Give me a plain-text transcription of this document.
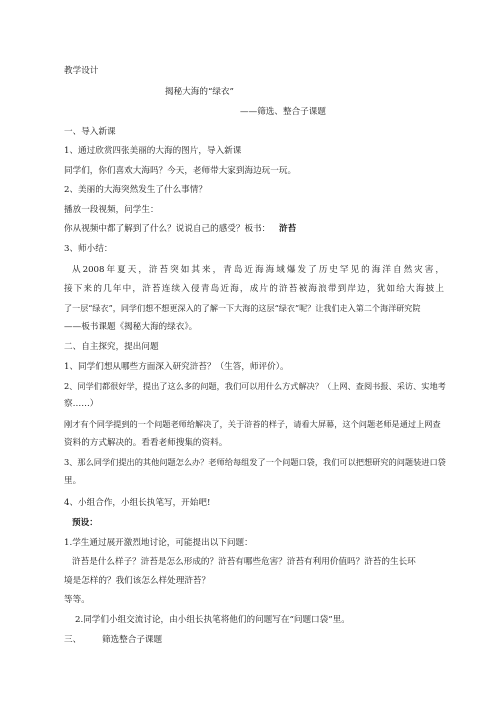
教学设计
揭秘大海的“绿衣”
——筛选、整合子课题
一、导入新课
1、通过欣赏四张美丽的大海的图片，导入新课
同学们，你们喜欢大海吗？今天，老师带大家到海边玩一玩。
2、美丽的大海突然发生了什么事情？
播放一段视频，问学生：
你从视频中都了解到了什么？说说自己的感受？板书： 浒苔
3、师小结：
从2008年夏天，浒苔突如其来，青岛近海海域爆发了历史罕见的海洋自然灾害，
接下来的几年中，浒苔连续入侵青岛近海，成片的浒苔被海浪带到岸边，犹如给大海披上
了一层“绿衣”，同学们想不想更深入的了解一下大海的这层“绿衣”呢？让我们走入第二个海洋研究院
——板书课题《揭秘大海的绿衣》。
二、自主探究，提出问题
1、同学们想从哪些方面深入研究浒苔？（生答，师评价）。
2、同学们都很好学，提出了这么多的问题，我们可以用什么方式解决？（上网、查阅书报、采访、实地考
察……）
刚才有个同学提到的一个问题老师给解决了，关于浒苔的样子，请看大屏幕，这个问题老师是通过上网查
资料的方式解决的。看看老师搜集的资料。
3、那么同学们提出的其他问题怎么办？老师给每组发了一个问题口袋，我们可以把想研究的问题装进口袋
里。
4、小组合作，小组长执笔写，开始吧!
预设：
1.学生通过展开激烈地讨论，可能提出以下问题：
浒苔是什么样子？浒苔是怎么形成的？浒苔有哪些危害？浒苔有利用价值吗？浒苔的生长环
境是怎样的？我们该怎么样处理浒苔？
等等。
2.同学们小组交流讨论，由小组长执笔将他们的问题写在“问题口袋”里。
三、 筛选整合子课题
